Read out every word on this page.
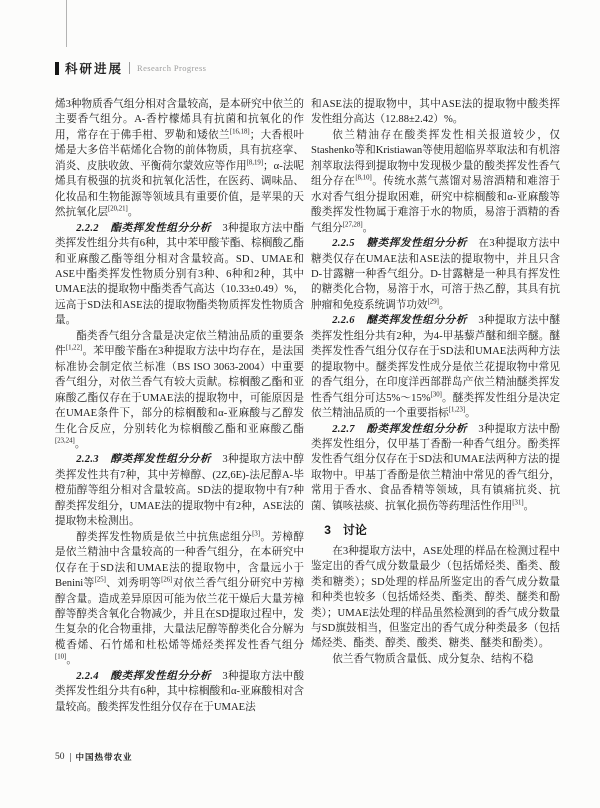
科研进展 Research Progress

烯3种物质香气组分相对含量较高，是本研究中依兰的主要香气组分。A-香柠檬烯具有抗菌和抗氧化的作用，常存在于佛手柑、罗勒和矮依兰[16,18]；大香根叶烯是大多倍半萜烯化合物的前体物质，具有抗痉挛、消炎、皮肤收敛、平衡荷尔蒙效应等作用[8,19]；α-法呢烯具有极强的抗炎和抗氧化活性，在医药、调味品、化妆品和生物能源等领域具有重要价值，是苹果的天然抗氧化层[20,21]。

2.2.2　酯类挥发性组分分析　3种提取方法中酯类挥发性组分共有6种，其中苯甲酸苄酯、棕榈酸乙酯和亚麻酸乙酯等组分相对含量较高。SD、UMAE和ASE中酯类挥发性物质分别有3种、6种和2种，其中UMAE法的提取物中酯类香气高达（10.33±0.49）%，远高于SD法和ASE法的提取物酯类物质挥发性物质含量。

酯类香气组分含量是决定依兰精油品质的重要条件[1,22]。苯甲酸苄酯在3种提取方法中均存在，是法国标准协会制定依兰标准（BS ISO 3063-2004）中重要香气组分，对依兰香气有较大贡献。棕榈酸乙酯和亚麻酸乙酯仅存在于UMAE法的提取物中，可能原因是在UMAE条件下，部分的棕榈酸和α-亚麻酸与乙醇发生化合反应，分别转化为棕榈酸乙酯和亚麻酸乙酯[23,24]。

2.2.3　醇类挥发性组分分析　3种提取方法中醇类挥发性共有7种，其中芳樟醇、(2Z,6E)-法尼醇A-毕橙茄醇等组分相对含量较高。SD法的提取物中有7种醇类挥发组分，UMAE法的提取物中有2种，ASE法的提取物未检测出。

醇类挥发性物质是依兰中抗焦虑组分[3]。芳樟醇是依兰精油中含量较高的一种香气组分，在本研究中仅存在于SD法和UMAE法的提取物中，含量远小于Benini等[25]、刘秀明等[26]对依兰香气组分研究中芳樟醇含量。造成差异原因可能为依兰花干燥后大量芳樟醇等醇类含氧化合物减少，并且在SD提取过程中，发生复杂的化合物重排，大量法尼醇等醇类化合分解为榄香烯、石竹烯和杜松烯等烯烃类挥发性香气组分[10]。

2.2.4　酸类挥发性组分分析　3种提取方法中酸类挥发性组分共有6种，其中棕榈酸和α-亚麻酸相对含量较高。酸类挥发性组分仅存在于UMAE法

和ASE法的提取物中，其中ASE法的提取物中酸类挥发性组分高达（12.88±2.42）%。

依兰精油存在酸类挥发性相关报道较少，仅Stashenko等和Kristiawan等使用超临界萃取法和有机溶剂萃取法得到提取物中发现极少量的酸类挥发性香气组分存在[8,10]。传统水蒸气蒸馏对易溶酒精和难溶于水对香气组分提取困难，研究中棕榈酸和α-亚麻酸等酸类挥发性物属于难溶于水的物质，易溶于酒精的香气组分[27,28]。

2.2.5　糖类挥发性组分分析　在3种提取方法中糖类仅存在UMAE法和ASE法的提取物中，并且只含D-甘露糖一种香气组分。D-甘露糖是一种具有挥发性的糖类化合物，易溶于水，可溶于热乙醇，其具有抗肿瘤和免疫系统调节功效[29]。

2.2.6　醚类挥发性组分分析　3种提取方法中醚类挥发性组分共有2种，为4-甲基藜芦醚和细辛醚。醚类挥发性香气组分仅存在于SD法和UMAE法两种方法的提取物中。醚类挥发性成分是依兰花提取物中常见的香气组分，在印度洋西部群岛产依兰精油醚类挥发性香气组分可达5%～15%[30]。醚类挥发性组分是决定依兰精油品质的一个重要指标[1,23]。

2.2.7　酚类挥发性组分分析　3种提取方法中酚类挥发性组分，仅甲基丁香酚一种香气组分。酚类挥发性香气组分仅存在于SD法和UMAE法两种方法的提取物中。甲基丁香酚是依兰精油中常见的香气组分，常用于香水、食品香精等领域，具有镇痛抗炎、抗菌、镇咳祛痰、抗氧化损伤等药理活性作用[31]。

3　讨论

在3种提取方法中，ASE处理的样品在检测过程中鉴定出的香气成分数量最少（包括烯烃类、酯类、酸类和糖类）；SD处理的样品所鉴定出的香气成分数量和种类也较多（包括烯烃类、酯类、醇类、醚类和酚类）；UMAE法处理的样品虽然检测到的香气成分数量与SD旗鼓相当，但鉴定出的香气成分种类最多（包括烯烃类、酯类、醇类、酸类、糖类、醚类和酚类）。

依兰香气物质含量低、成分复杂、结构不稳

50 中国热带农业
